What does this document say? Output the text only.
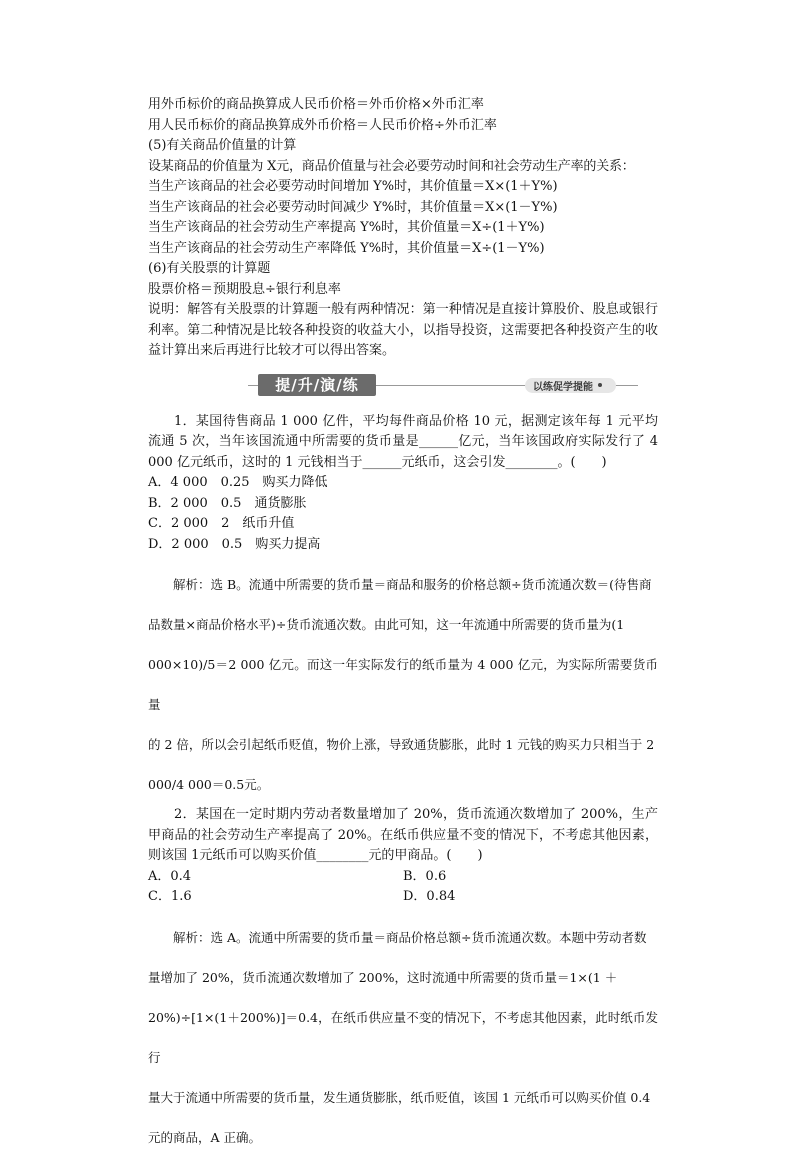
用外币标价的商品换算成人民币价格＝外币价格×外币汇率
用人民币标价的商品换算成外币价格＝人民币价格÷外币汇率
(5)有关商品价值量的计算
设某商品的价值量为 X元，商品价值量与社会必要劳动时间和社会劳动生产率的关系：
当生产该商品的社会必要劳动时间增加 Y%时，其价值量＝X×(1＋Y%)
当生产该商品的社会必要劳动时间减少 Y%时，其价值量＝X×(1－Y%)
当生产该商品的社会劳动生产率提高 Y%时，其价值量＝X÷(1＋Y%)
当生产该商品的社会劳动生产率降低 Y%时，其价值量＝X÷(1－Y%)
(6)有关股票的计算题
股票价格＝预期股息÷银行利息率
说明：解答有关股票的计算题一般有两种情况：第一种情况是直接计算股价、股息或银行利率。第二种情况是比较各种投资的收益大小，以指导投资，这需要把各种投资产生的收益计算出来后再进行比较才可以得出答案。
提/升/演/练	以练促学提能
1．某国待售商品 1 000 亿件，平均每件商品价格 10 元，据测定该年每 1 元平均流通 5 次，当年该国流通中所需要的货币量是______亿元，当年该国政府实际发行了 4 000 亿元纸币，这时的 1 元钱相当于______元纸币，这会引发________。(　　)
A．4 000　0.25　购买力降低
B．2 000　0.5　通货膨胀
C．2 000　2　纸币升值
D．2 000　0.5　购买力提高
解析：选 B。流通中所需要的货币量＝商品和服务的价格总额÷货币流通次数＝(待售商
品数量×商品价格水平)÷货币流通次数。由此可知，这一年流通中所需要的货币量为(1
000×10)/5＝2 000 亿元。而这一年实际发行的纸币量为 4 000 亿元，为实际所需要货币量
的 2 倍，所以会引起纸币贬值，物价上涨，导致通货膨胀，此时 1 元钱的购买力只相当于 2
000/4 000＝0.5元。
2．某国在一定时期内劳动者数量增加了 20%，货币流通次数增加了 200%，生产甲商品的社会劳动生产率提高了 20%。在纸币供应量不变的情况下，不考虑其他因素，则该国 1元纸币可以购买价值________元的甲商品。(　　)
A．0.4	B．0.6
C．1.6	D．0.84
解析：选 A。流通中所需要的货币量＝商品价格总额÷货币流通次数。本题中劳动者数
量增加了 20%，货币流通次数增加了 200%，这时流通中所需要的货币量＝1×(1 ＋
20%)÷[1×(1＋200%)]＝0.4，在纸币供应量不变的情况下，不考虑其他因素，此时纸币发行
量大于流通中所需要的货币量，发生通货膨胀，纸币贬值，该国 1 元纸币可以购买价值 0.4
元的商品，A 正确。
